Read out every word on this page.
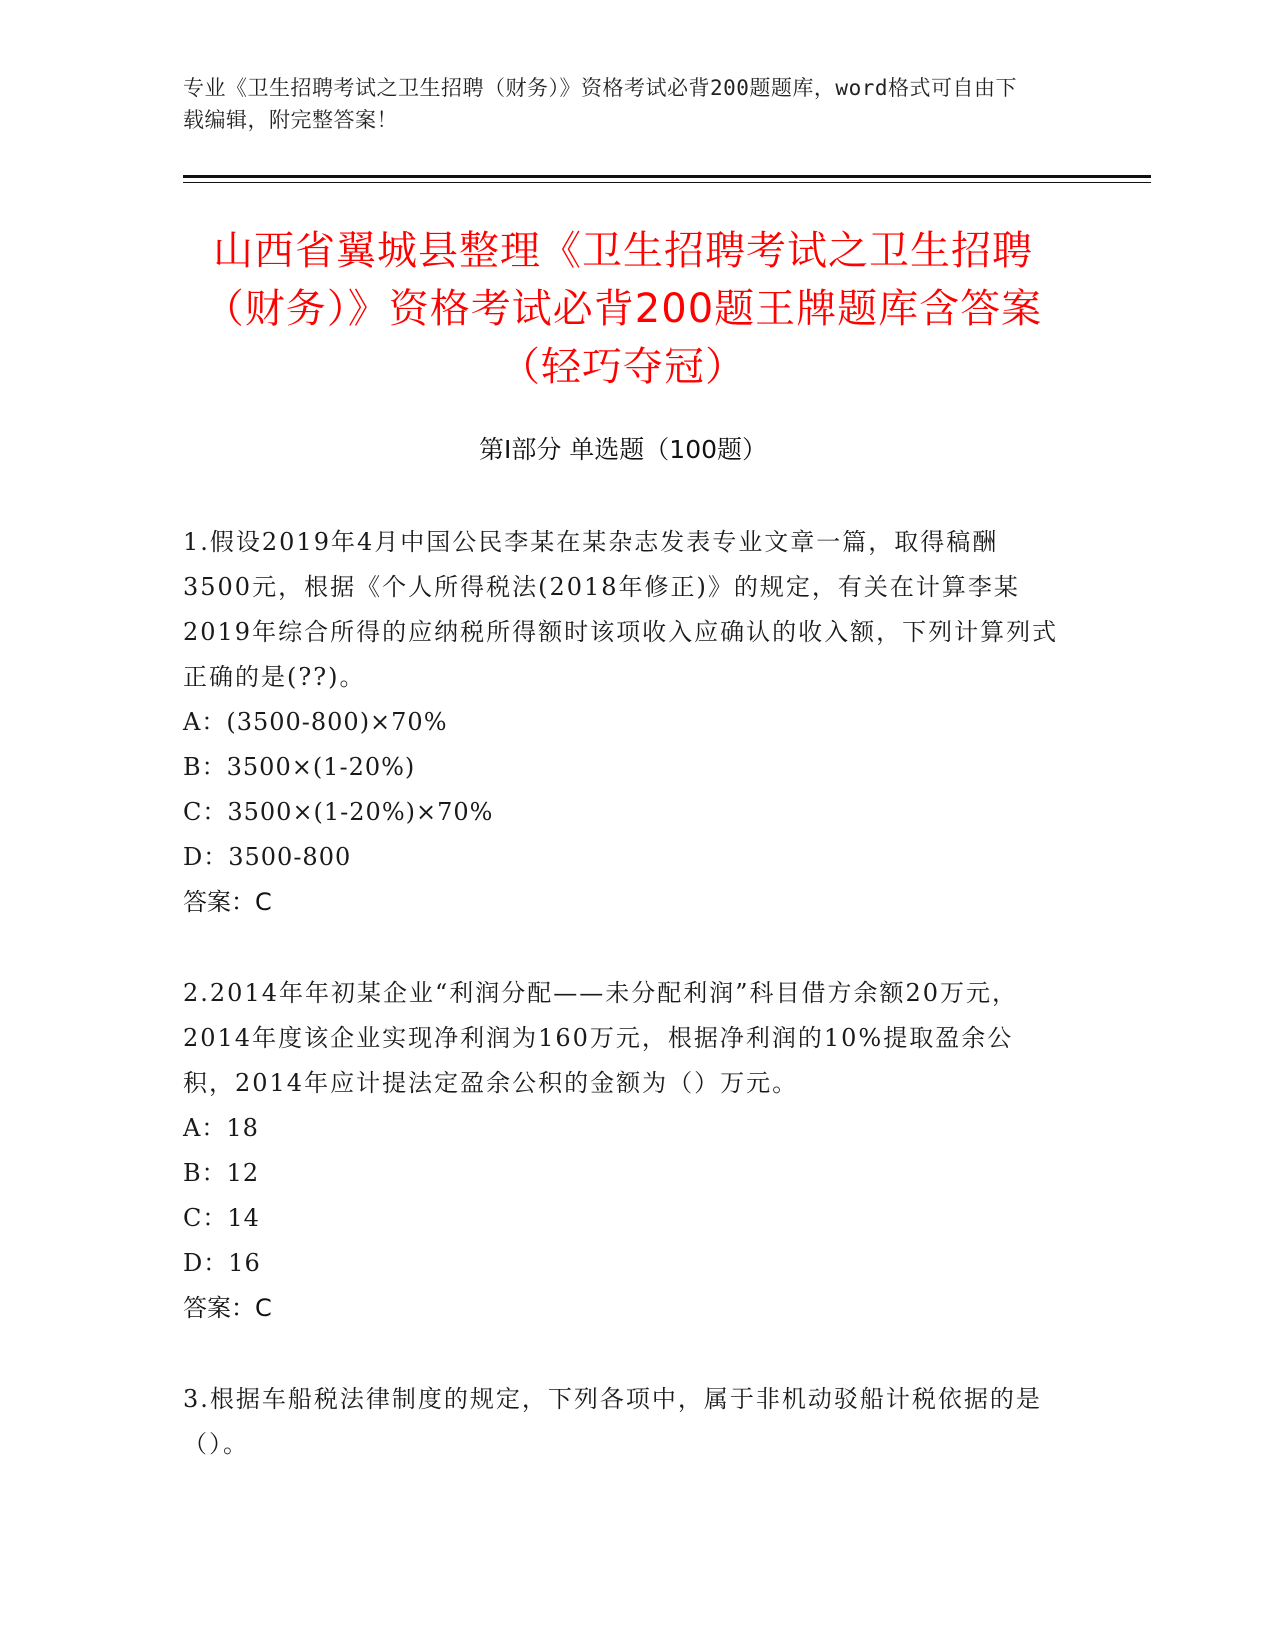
专业《卫生招聘考试之卫生招聘（财务）》资格考试必背200题题库，word格式可自由下载编辑，附完整答案！
山西省翼城县整理《卫生招聘考试之卫生招聘（财务）》资格考试必背200题王牌题库含答案（轻巧夺冠）
第Ⅰ部分 单选题（100题）

1.假设2019年4月中国公民李某在某杂志发表专业文章一篇，取得稿酬3500元，根据《个人所得税法(2018年修正)》的规定，有关在计算李某2019年综合所得的应纳税所得额时该项收入应确认的收入额，下列计算列式正确的是(??)。

A：(3500-800)×70%

B：3500×(1-20%)

C：3500×(1-20%)×70%

D：3500-800

答案：C

2.2014年年初某企业“利润分配——未分配利润”科目借方余额20万元，2014年度该企业实现净利润为160万元，根据净利润的10%提取盈余公积，2014年应计提法定盈余公积的金额为（）万元。

A：18

B：12

C：14

D：16

答案：C

3.根据车船税法律制度的规定，下列各项中，属于非机动驳船计税依据的是（）。
